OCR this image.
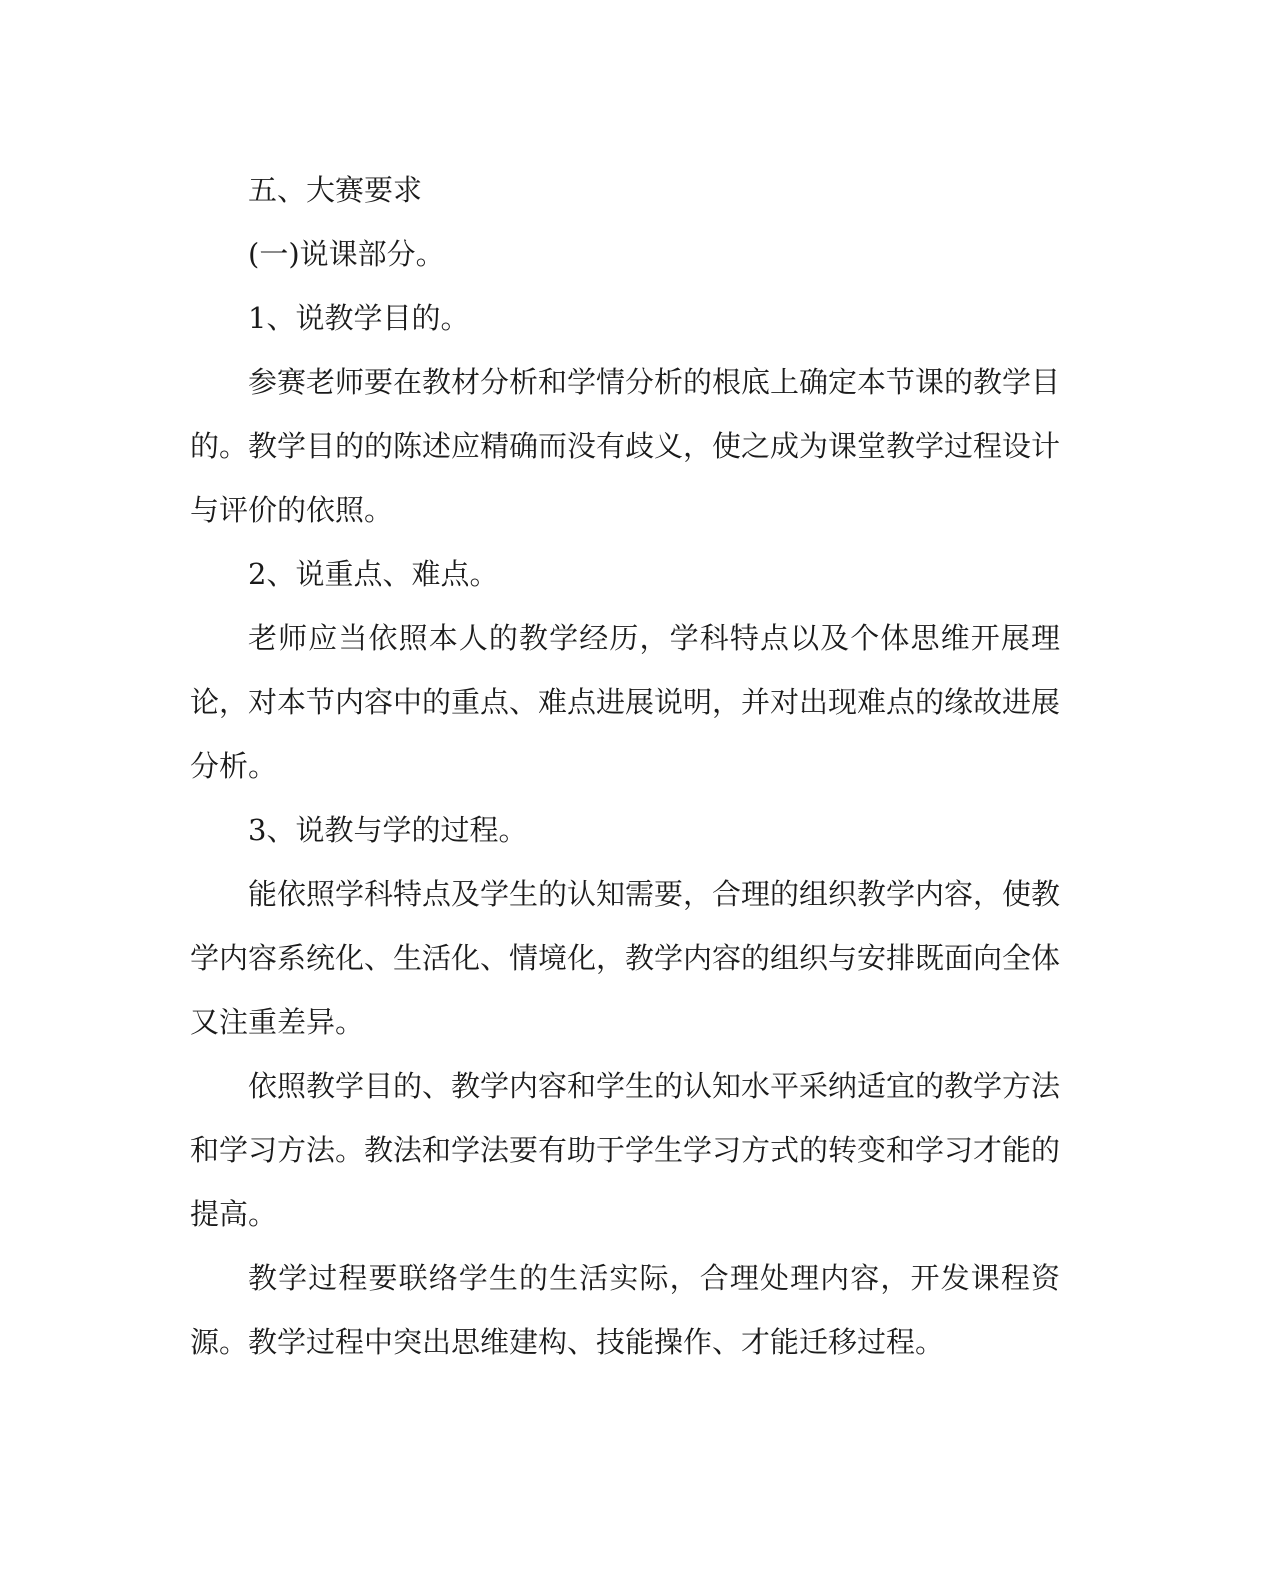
五、大赛要求

(一)说课部分。

1、说教学目的。

参赛老师要在教材分析和学情分析的根底上确定本节课的教学目的。教学目的的陈述应精确而没有歧义，使之成为课堂教学过程设计与评价的依照。

2、说重点、难点。

老师应当依照本人的教学经历，学科特点以及个体思维开展理论，对本节内容中的重点、难点进展说明，并对出现难点的缘故进展分析。

3、说教与学的过程。

能依照学科特点及学生的认知需要，合理的组织教学内容，使教学内容系统化、生活化、情境化，教学内容的组织与安排既面向全体又注重差异。

依照教学目的、教学内容和学生的认知水平采纳适宜的教学方法和学习方法。教法和学法要有助于学生学习方式的转变和学习才能的提高。

教学过程要联络学生的生活实际，合理处理内容，开发课程资源。教学过程中突出思维建构、技能操作、才能迁移过程。
